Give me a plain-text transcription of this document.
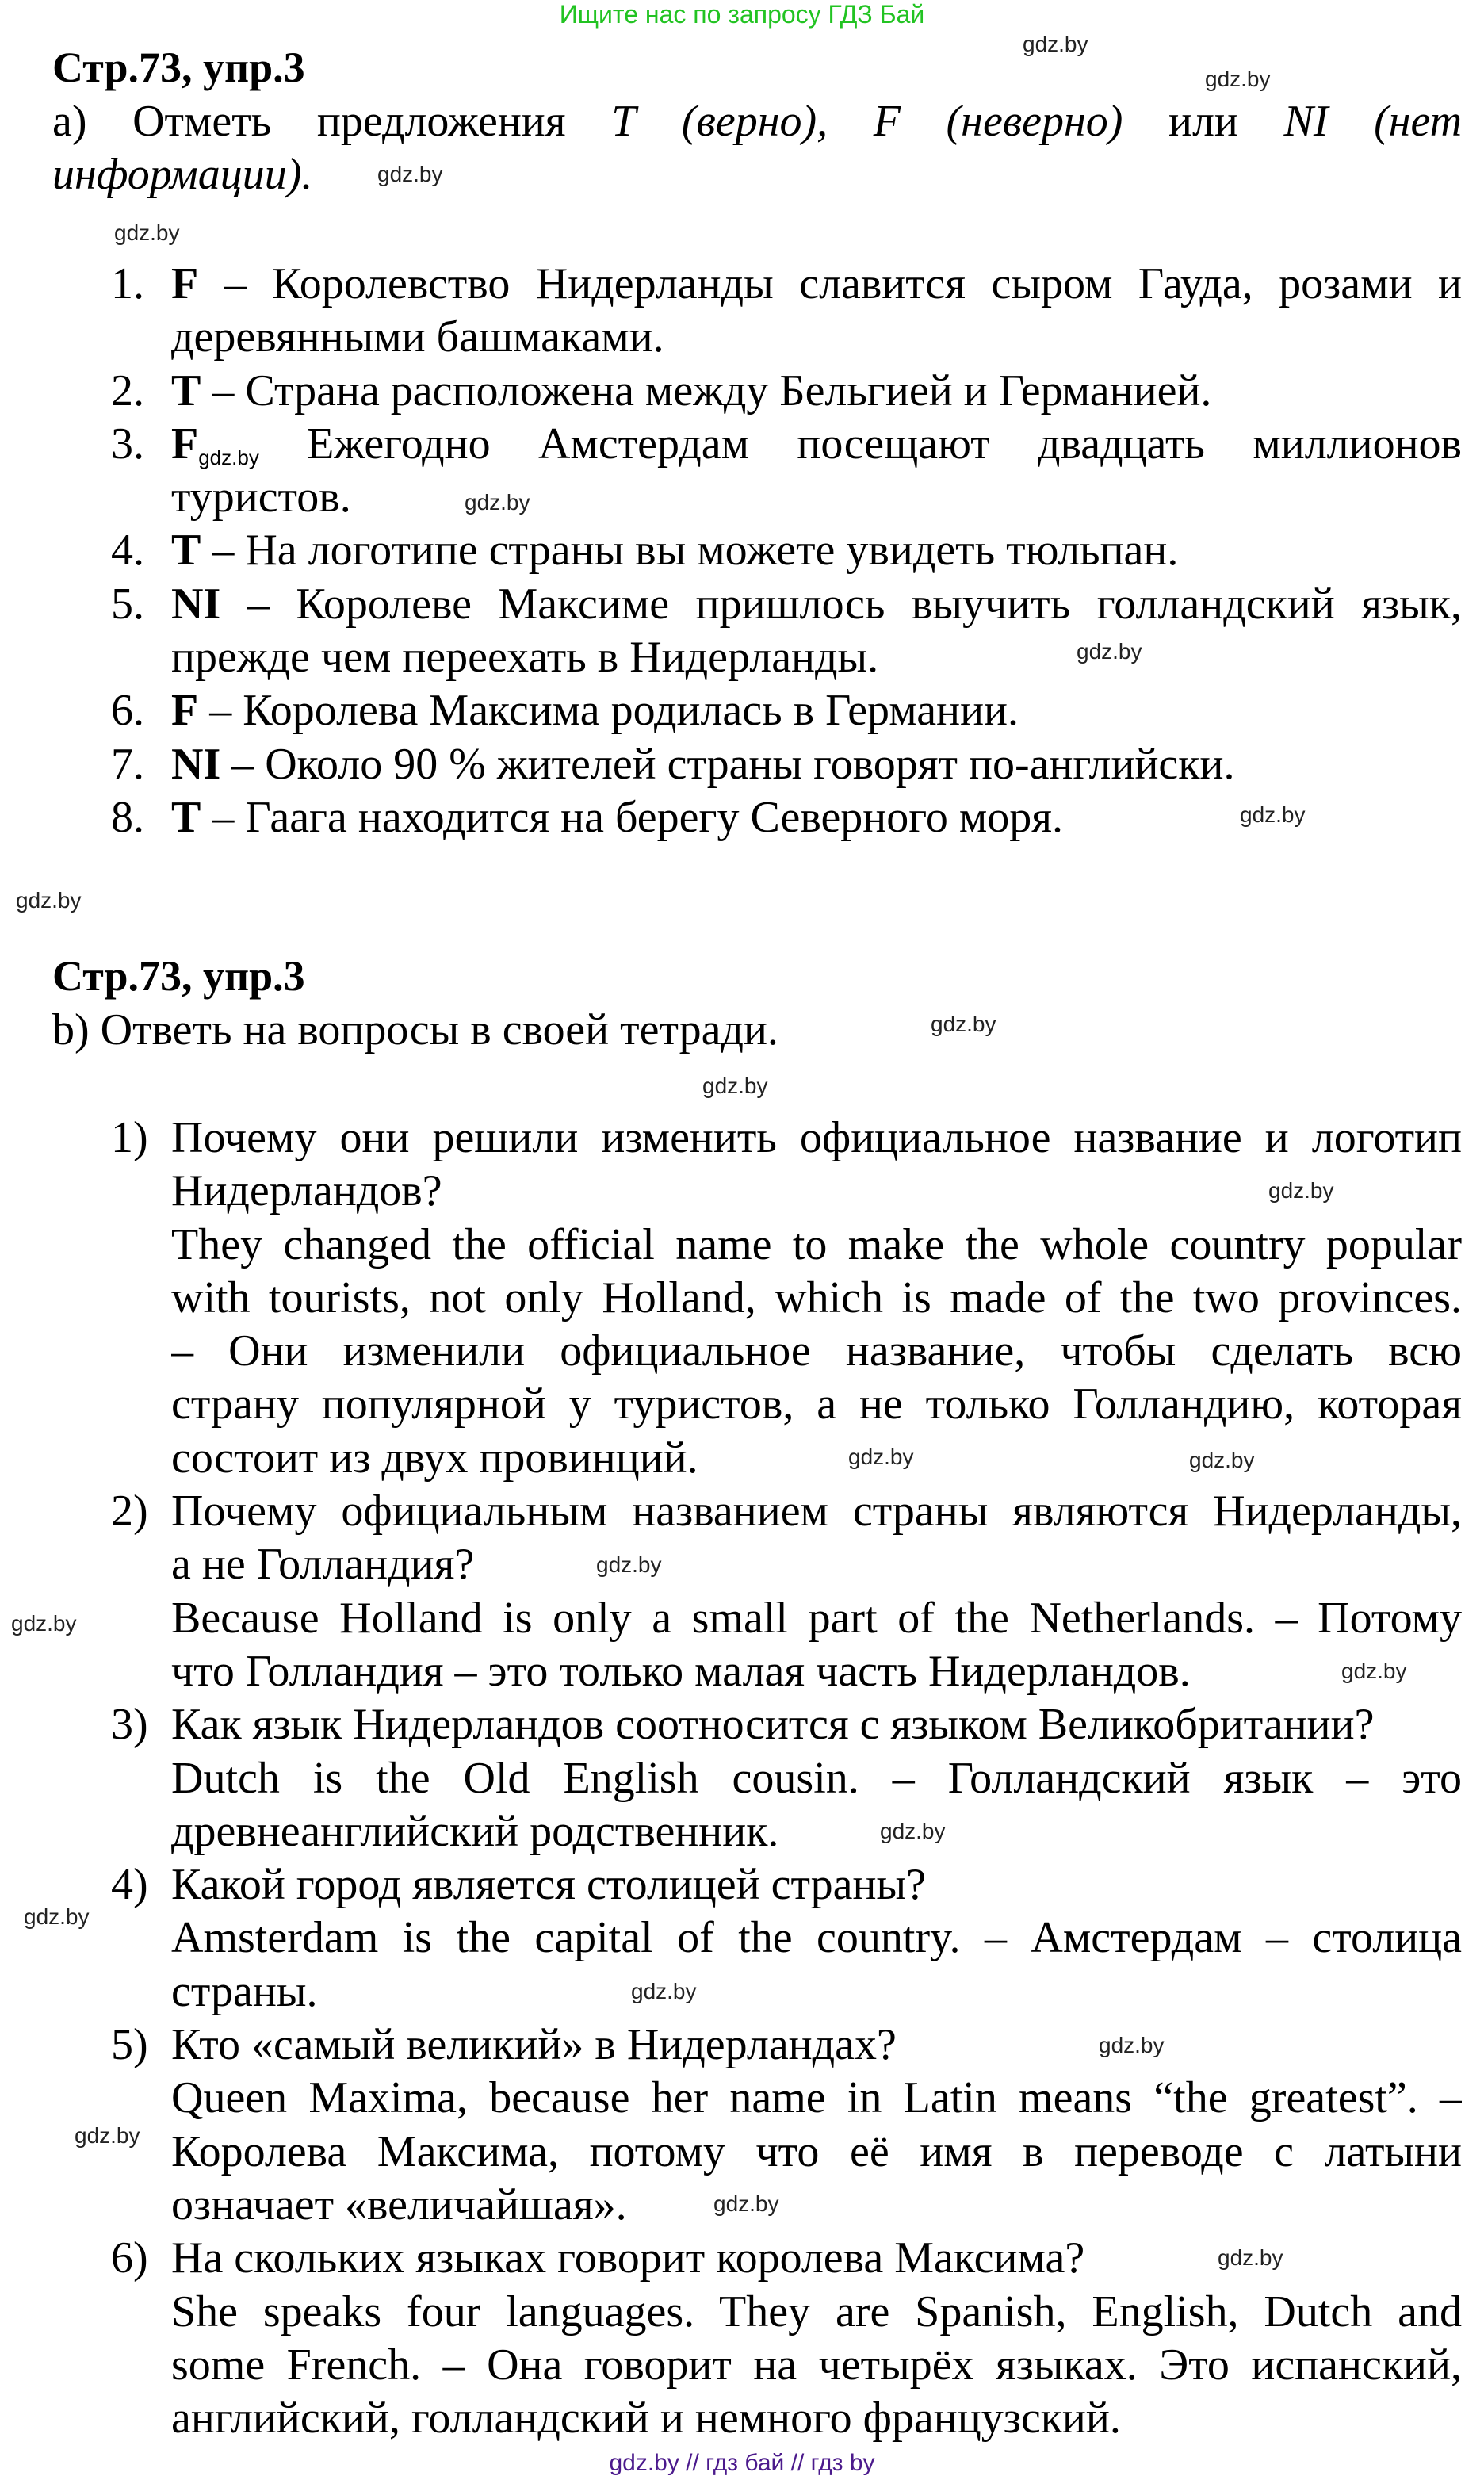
Ищите нас по запросу ГДЗ Бай
Стр.73, упр.3
а) Отметь предложения T (верно), F (неверно) или NI (нет
информации).
1. F – Королевство Нидерланды славится сыром Гауда, розами и
деревянными башмаками.
2. T – Страна расположена между Бельгией и Германией.
3. Fgdz.by Ежегодно Амстердам посещают двадцать миллионов
туристов.
4. T – На логотипе страны вы можете увидеть тюльпан.
5. NI – Королеве Максиме пришлось выучить голландский язык,
прежде чем переехать в Нидерланды.
6. F – Королева Максима родилась в Германии.
7. NI – Около 90 % жителей страны говорят по-английски.
8. T – Гаага находится на берегу Северного моря.
Стр.73, упр.3
b) Ответь на вопросы в своей тетради.
1) Почему они решили изменить официальное название и логотип
Нидерландов?
They changed the official name to make the whole country popular
with tourists, not only Holland, which is made of the two provinces.
– Они изменили официальное название, чтобы сделать всю
страну популярной у туристов, а не только Голландию, которая
состоит из двух провинций.
2) Почему официальным названием страны являются Нидерланды,
а не Голландия?
Because Holland is only a small part of the Netherlands. – Потому
что Голландия – это только малая часть Нидерландов.
3) Как язык Нидерландов соотносится с языком Великобритании?
Dutch is the Old English cousin. – Голландский язык – это
древнеанглийский родственник.
4) Какой город является столицей страны?
Amsterdam is the capital of the country. – Амстердам – столица
страны.
5) Кто «самый великий» в Нидерландах?
Queen Maxima, because her name in Latin means “the greatest”. –
Королева Максима, потому что её имя в переводе с латыни
означает «величайшая».
6) На скольких языках говорит королева Максима?
She speaks four languages. They are Spanish, English, Dutch and
some French. – Она говорит на четырёх языках. Это испанский,
английский, голландский и немного французский.
gdz.by
gdz.by
gdz.by
gdz.by
gdz.by
gdz.by
gdz.by
gdz.by
gdz.by
gdz.by
gdz.by
gdz.by
gdz.by
gdz.by
gdz.by
gdz.by
gdz.by
gdz.by
gdz.by
gdz.by
gdz.by
gdz.by
gdz.by
gdz.by // гдз бай // гдз by
